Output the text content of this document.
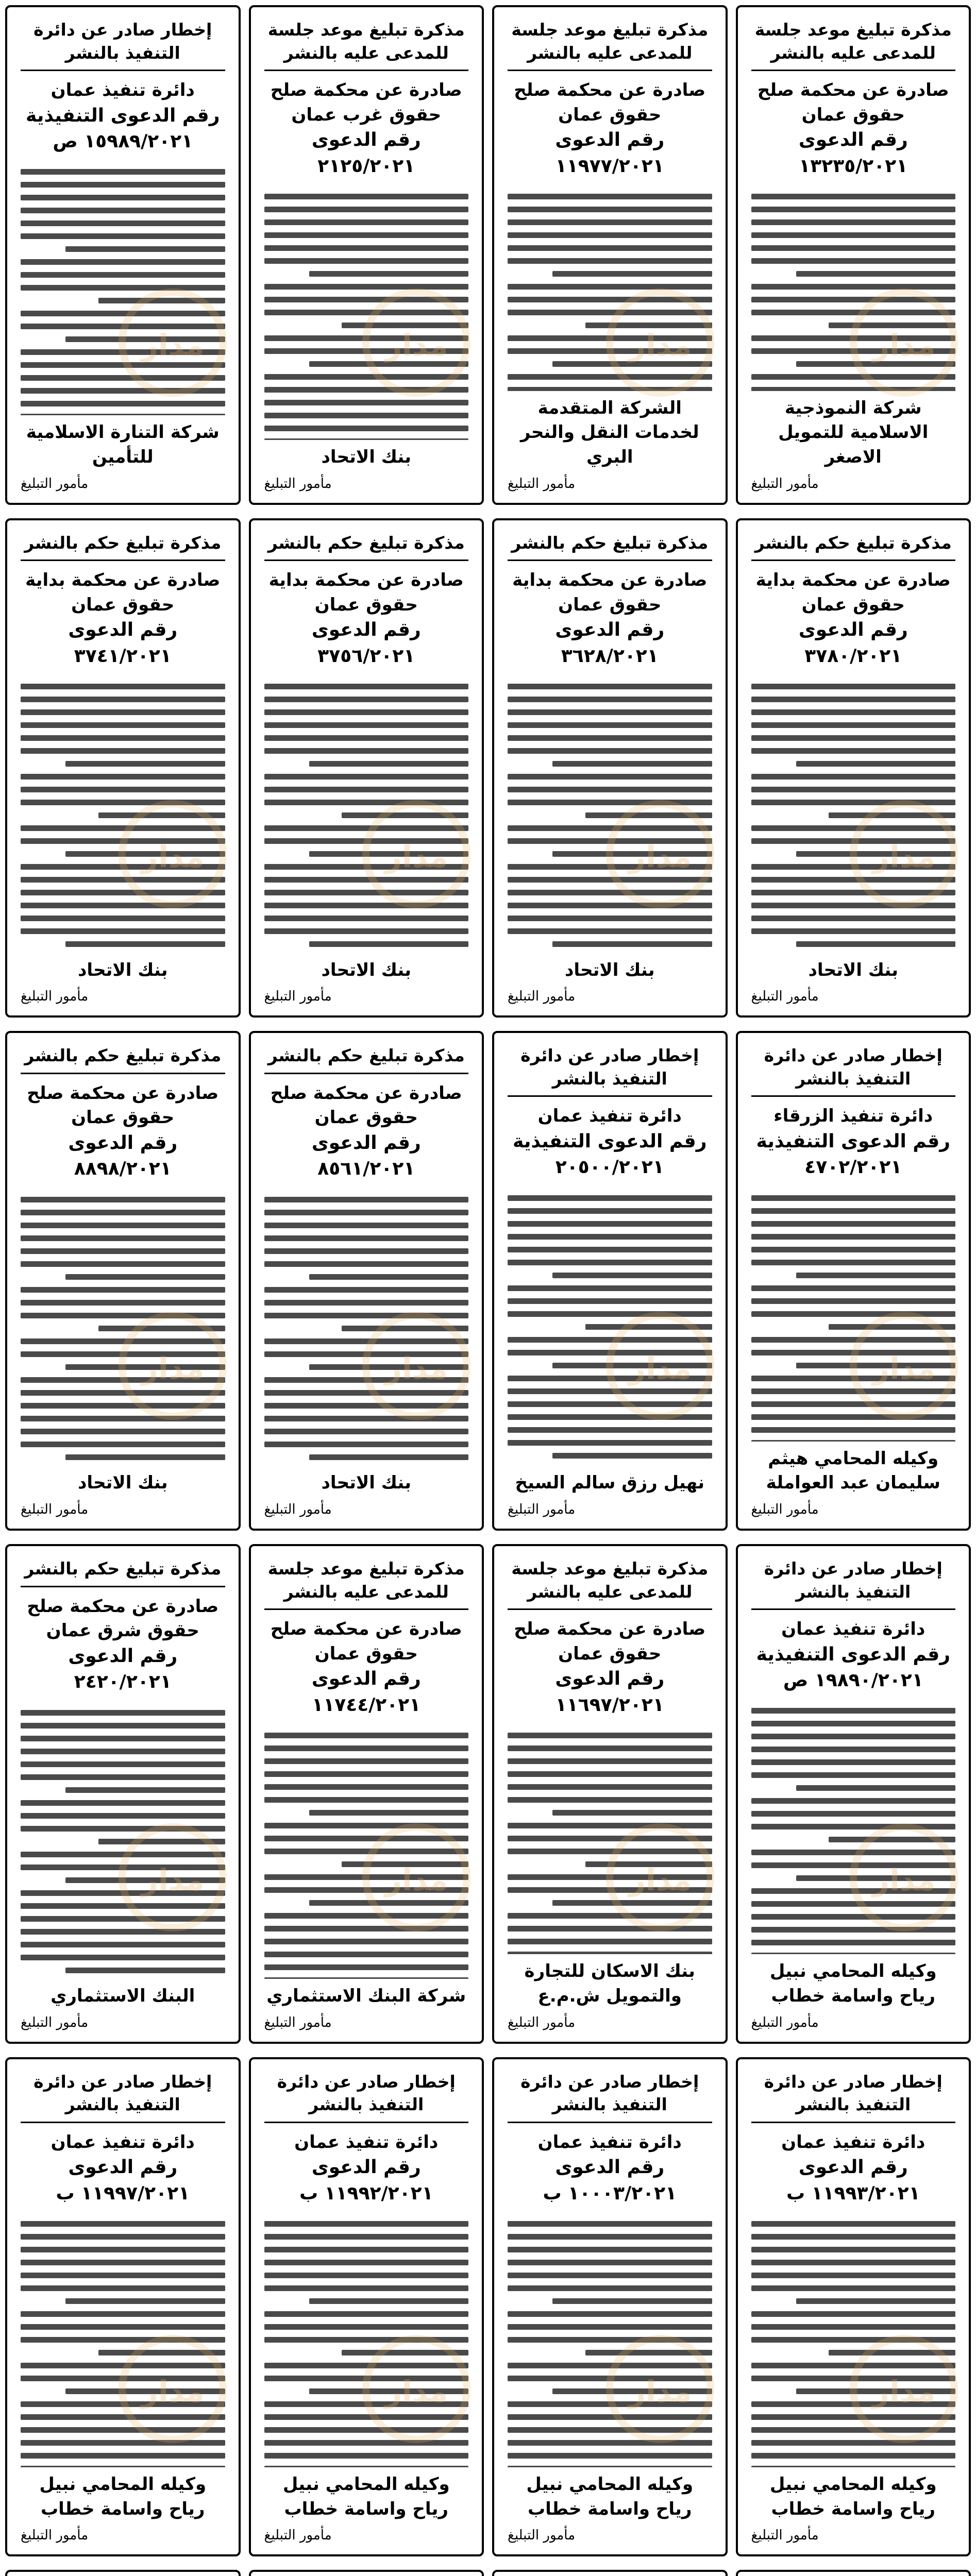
مذكرة تبليغ موعد جلسة للمدعى عليه بالنشر
صادرة عن محكمة صلح حقوق عمان
رقم الدعوى ١٣٢٣٥/٢٠٢١
شركة النموذجية الاسلامية للتمويل الاصغر
مأمور التبليغ
مذكرة تبليغ موعد جلسة للمدعى عليه بالنشر
صادرة عن محكمة صلح حقوق عمان
رقم الدعوى ١١٩٧٧/٢٠٢١
الشركة المتقدمة لخدمات النقل والنحر البري
مأمور التبليغ
مذكرة تبليغ موعد جلسة للمدعى عليه بالنشر
صادرة عن محكمة صلح حقوق غرب عمان
رقم الدعوى ٢١٢٥/٢٠٢١
بنك الاتحاد
مأمور التبليغ
إخطار صادر عن دائرة التنفيذ بالنشر
دائرة تنفيذ عمان
رقم الدعوى التنفيذية ١٥٩٨٩/٢٠٢١ ص
شركة التنارة الاسلامية للتأمين
مأمور التبليغ
مذكرة تبليغ حكم بالنشر
صادرة عن محكمة بداية حقوق عمان
رقم الدعوى ٣٧٨٠/٢٠٢١
بنك الاتحاد
مأمور التبليغ
مذكرة تبليغ حكم بالنشر
صادرة عن محكمة بداية حقوق عمان
رقم الدعوى ٣٦٢٨/٢٠٢١
بنك الاتحاد
مأمور التبليغ
مذكرة تبليغ حكم بالنشر
صادرة عن محكمة بداية حقوق عمان
رقم الدعوى ٣٧٥٦/٢٠٢١
بنك الاتحاد
مأمور التبليغ
مذكرة تبليغ حكم بالنشر
صادرة عن محكمة بداية حقوق عمان
رقم الدعوى ٣٧٤١/٢٠٢١
بنك الاتحاد
مأمور التبليغ
إخطار صادر عن دائرة التنفيذ بالنشر
دائرة تنفيذ الزرقاء
رقم الدعوى التنفيذية ٤٧٠٢/٢٠٢١
وكيله المحامي هيثم سليمان عبد العواملة
مأمور التبليغ
إخطار صادر عن دائرة التنفيذ بالنشر
دائرة تنفيذ عمان
رقم الدعوى التنفيذية ٢٠٥٠٠/٢٠٢١
نهيل رزق سالم السيخ
مأمور التبليغ
مذكرة تبليغ حكم بالنشر
صادرة عن محكمة صلح حقوق عمان
رقم الدعوى ٨٥٦١/٢٠٢١
بنك الاتحاد
مأمور التبليغ
مذكرة تبليغ حكم بالنشر
صادرة عن محكمة صلح حقوق عمان
رقم الدعوى ٨٨٩٨/٢٠٢١
بنك الاتحاد
مأمور التبليغ
إخطار صادر عن دائرة التنفيذ بالنشر
دائرة تنفيذ عمان
رقم الدعوى التنفيذية ١٩٨٩٠/٢٠٢١ ص
وكيله المحامي نبيل رياح واسامة خطاب
مأمور التبليغ
مذكرة تبليغ موعد جلسة للمدعى عليه بالنشر
صادرة عن محكمة صلح حقوق عمان
رقم الدعوى ١١٦٩٧/٢٠٢١
بنك الاسكان للتجارة والتمويل ش.م.ع
مأمور التبليغ
مذكرة تبليغ موعد جلسة للمدعى عليه بالنشر
صادرة عن محكمة صلح حقوق عمان
رقم الدعوى ١١٧٤٤/٢٠٢١
شركة البنك الاستثماري
مأمور التبليغ
مذكرة تبليغ حكم بالنشر
صادرة عن محكمة صلح حقوق شرق عمان
رقم الدعوى ٢٤٢٠/٢٠٢١
البنك الاستثماري
مأمور التبليغ
إخطار صادر عن دائرة التنفيذ بالنشر
دائرة تنفيذ عمان
رقم الدعوى ١١٩٩٣/٢٠٢١ ب
وكيله المحامي نبيل رياح واسامة خطاب
مأمور التبليغ
إخطار صادر عن دائرة التنفيذ بالنشر
دائرة تنفيذ عمان
رقم الدعوى ١٠٠٠٣/٢٠٢١ ب
وكيله المحامي نبيل رياح واسامة خطاب
مأمور التبليغ
إخطار صادر عن دائرة التنفيذ بالنشر
دائرة تنفيذ عمان
رقم الدعوى ١١٩٩٢/٢٠٢١ ب
وكيله المحامي نبيل رياح واسامة خطاب
مأمور التبليغ
إخطار صادر عن دائرة التنفيذ بالنشر
دائرة تنفيذ عمان
رقم الدعوى ١١٩٩٧/٢٠٢١ ب
وكيله المحامي نبيل رياح واسامة خطاب
مأمور التبليغ
مدار	مدار	مدار	مدار
مدار	مدار	مدار	مدار
مدار	مدار	مدار	مدار
مدار	مدار	مدار	مدار
مدار	مدار	مدار	مدار
